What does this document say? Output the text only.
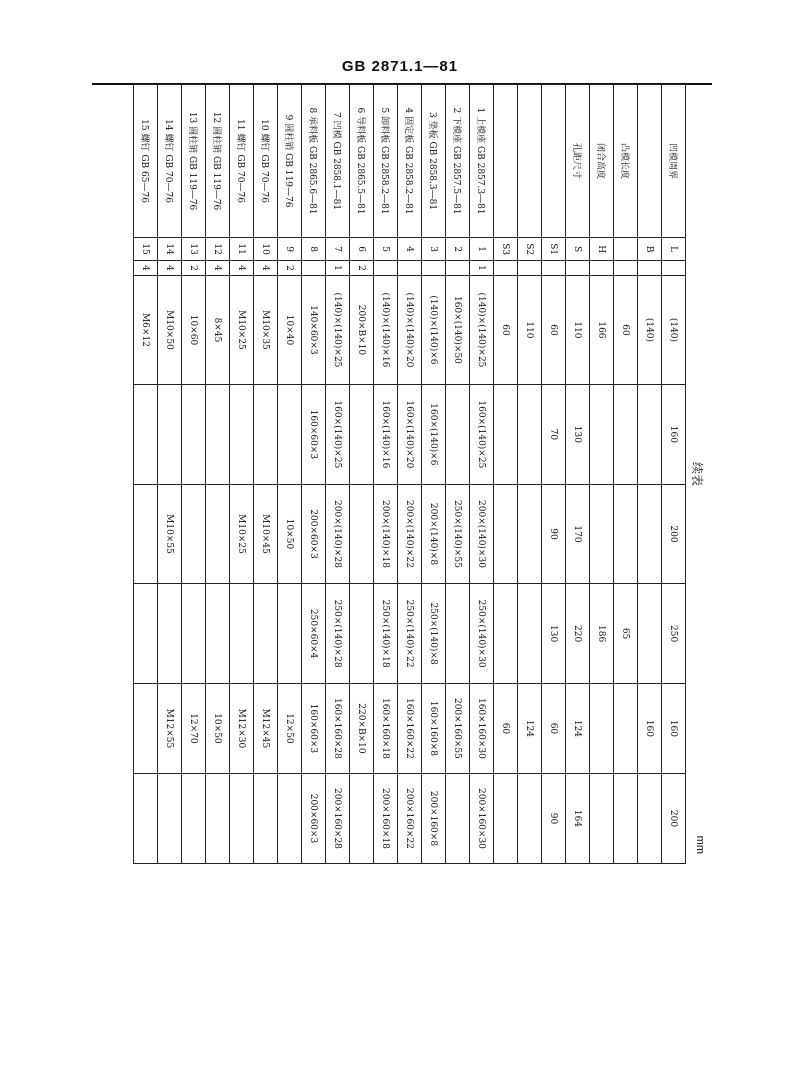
GB 2871.1—81
续表
mm
凹模周界	L		(140)	160	200	250	160	200
	B		(140)				160	
凸模长度			60			65		
闭合高度	H		166			186		
孔距尺寸	S		110	130	170	220	124	164
	S1		60	70	90	130	60	90
	S2		110				124	
	S3		60				60	
1 上模座 GB 2857.3—81	1	1	(140)×(140)×25	160×(140)×25	200×(140)×30	250×(140)×30	160×160×30	200×160×30
2 下模座 GB 2857.5—81	2		160×(140)×50		250×(140)×55		200×160×55	
3 垫板 GB 2858.3—81	3		(140)×(140)×6	160×(140)×6	200×(140)×8	250×(140)×8	160×160×8	200×160×8
4 固定板 GB 2858.2—81	4		(140)×(140)×20	160×(140)×20	200×(140)×22	250×(140)×22	160×160×22	200×160×22
5 卸料板 GB 2858.2—81	5		(140)×(140)×16	160×(140)×16	200×(140)×18	250×(140)×18	160×160×18	200×160×18
6 导料板 GB 2865.5—81	6	2	200×B×10				220×B×10	
7 凹模 GB 2858.1—81	7	1	(140)×(140)×25	160×(140)×25	200×(140)×28	250×(140)×28	160×160×28	200×160×28
8 承料板 GB 2865.6—81	8		140×60×3	160×60×3	200×60×3	250×60×4	160×60×3	200×60×3
9 圆柱销 GB 119—76	9	2	10×40		10×50		12×50	
10 螺钉 GB 70—76	10	4	M10×35		M10×45		M12×45	
11 螺钉 GB 70—76	11	4	M10×25		M10×25		M12×30	
12 圆柱销 GB 119—76	12	4	8×45				10×50	
13 圆柱销 GB 119—76	13	2	10×60				12×70	
14 螺钉 GB 70—76	14	4	M10×50		M10×55		M12×55	
15 螺钉 GB 65—76	15	4	M6×12					
